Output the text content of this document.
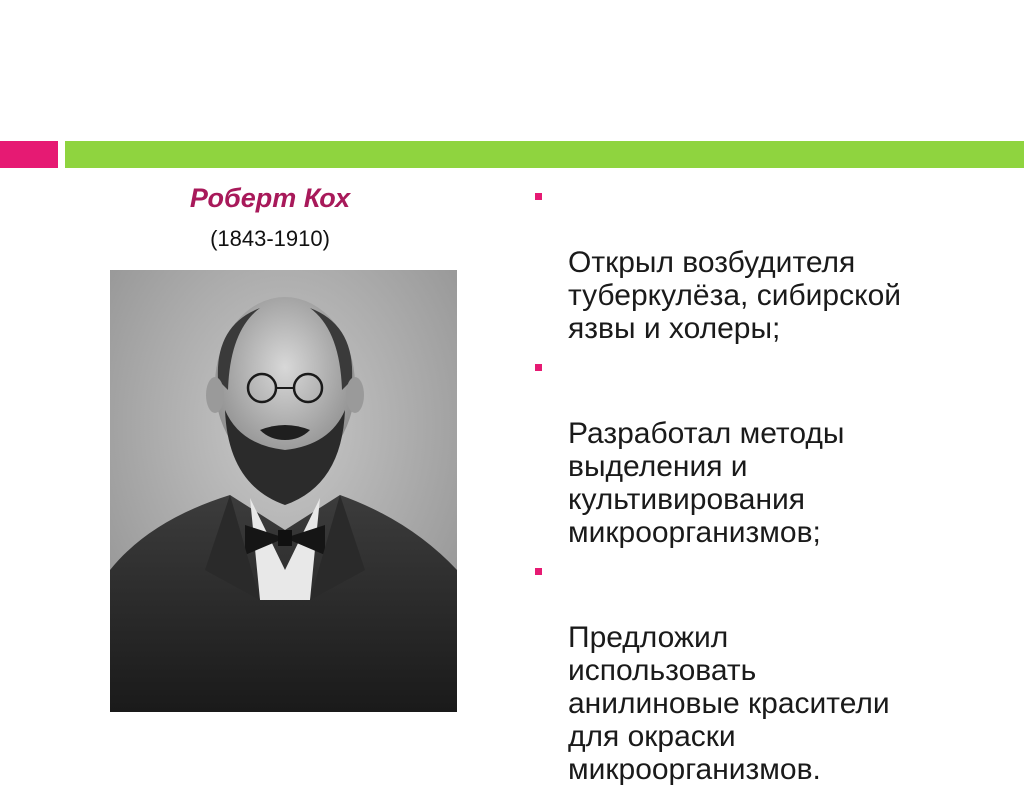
Роберт Кох
(1843-1910)

Открыл возбудителя
туберкулёза, сибирской
язвы и холеры;

Разработал методы
выделения и
культивирования
микроорганизмов;

Предложил
использовать
анилиновые красители
для окраски
микроорганизмов.
